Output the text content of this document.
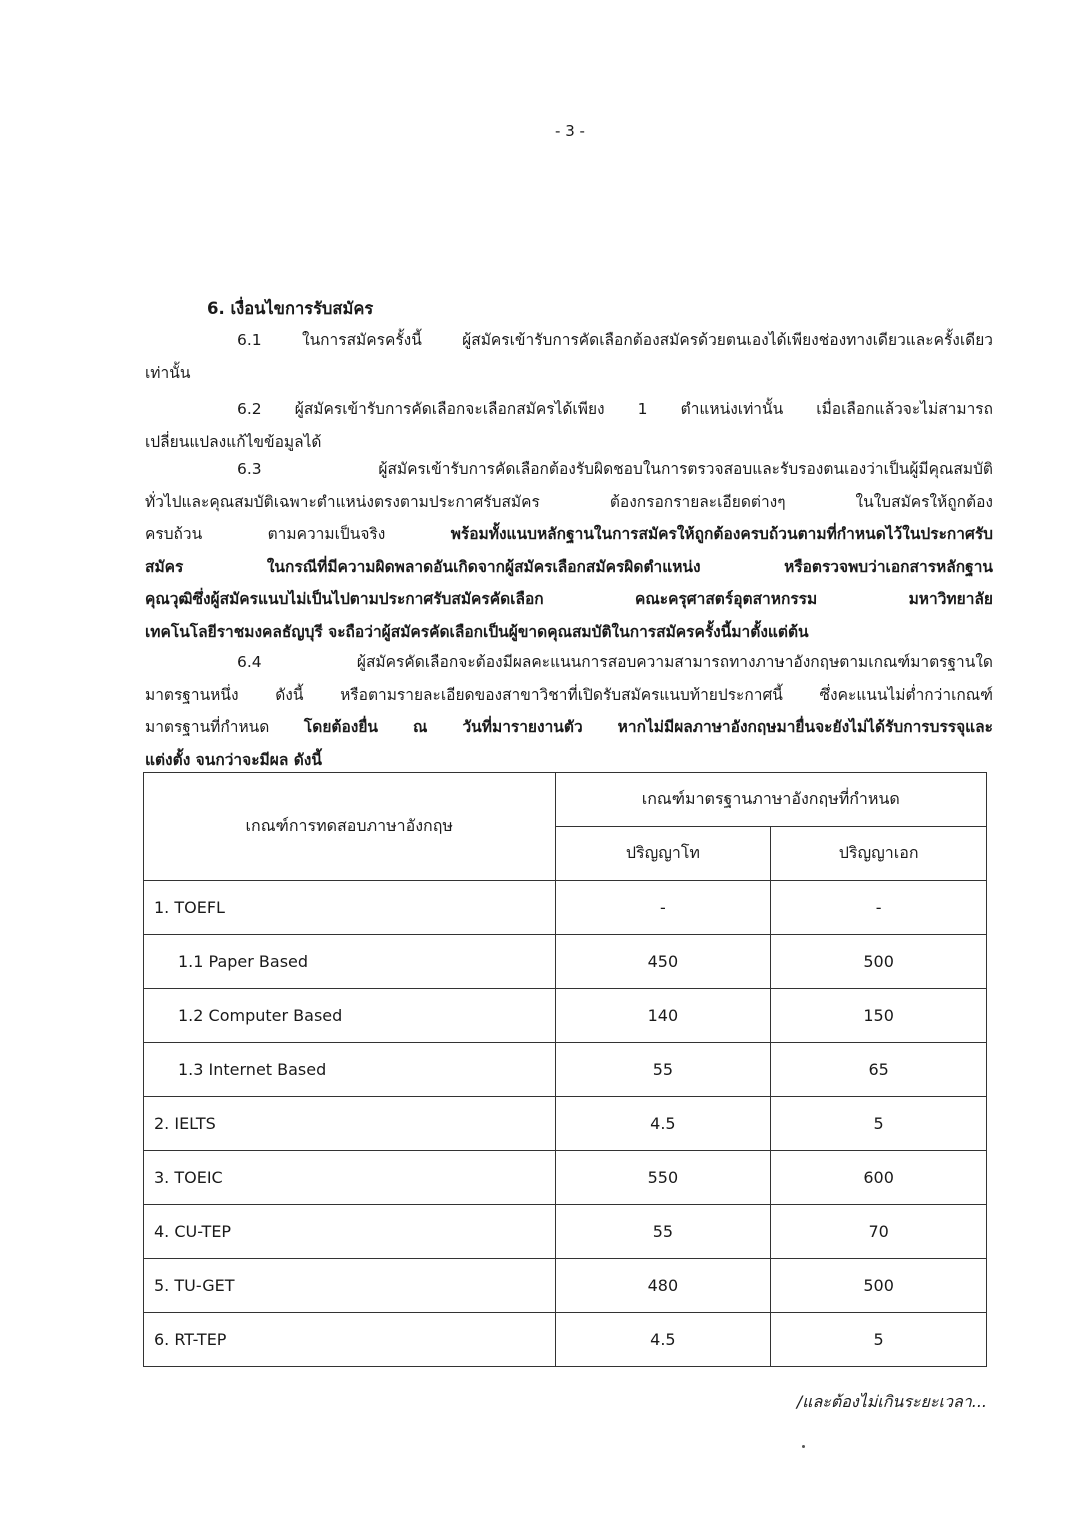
- 3 -
6. เงื่อนไขการรับสมัคร
6.1 ในการสมัครครั้งนี้ ผู้สมัครเข้ารับการคัดเลือกต้องสมัครด้วยตนเองได้เพียงช่องทางเดียวและครั้งเดียว
เท่านั้น
6.2 ผู้สมัครเข้ารับการคัดเลือกจะเลือกสมัครได้เพียง 1 ตำแหน่งเท่านั้น เมื่อเลือกแล้วจะไม่สามารถ
เปลี่ยนแปลงแก้ไขข้อมูลได้
6.3 ผู้สมัครเข้ารับการคัดเลือกต้องรับผิดชอบในการตรวจสอบและรับรองตนเองว่าเป็นผู้มีคุณสมบัติ
ทั่วไปและคุณสมบัติเฉพาะตำแหน่งตรงตามประกาศรับสมัคร ต้องกรอกรายละเอียดต่างๆ ในใบสมัครให้ถูกต้อง
ครบถ้วน ตามความเป็นจริง พร้อมทั้งแนบหลักฐานในการสมัครให้ถูกต้องครบถ้วนตามที่กำหนดไว้ในประกาศรับ
สมัคร ในกรณีที่มีความผิดพลาดอันเกิดจากผู้สมัครเลือกสมัครผิดตำแหน่ง หรือตรวจพบว่าเอกสารหลักฐาน
คุณวุฒิซึ่งผู้สมัครแนบไม่เป็นไปตามประกาศรับสมัครคัดเลือก คณะครุศาสตร์อุตสาหกรรม มหาวิทยาลัย
เทคโนโลยีราชมงคลธัญบุรี จะถือว่าผู้สมัครคัดเลือกเป็นผู้ขาดคุณสมบัติในการสมัครครั้งนี้มาตั้งแต่ต้น
6.4 ผู้สมัครคัดเลือกจะต้องมีผลคะแนนการสอบความสามารถทางภาษาอังกฤษตามเกณฑ์มาตรฐานใด
มาตรฐานหนึ่ง ดังนี้ หรือตามรายละเอียดของสาขาวิชาที่เปิดรับสมัครแนบท้ายประกาศนี้ ซึ่งคะแนนไม่ต่ำกว่าเกณฑ์
มาตรฐานที่กำหนด โดยต้องยื่น ณ วันที่มารายงานตัว หากไม่มีผลภาษาอังกฤษมายื่นจะยังไม่ได้รับการบรรจุและ
แต่งตั้ง จนกว่าจะมีผล ดังนี้
เกณฑ์การทดสอบภาษาอังกฤษ	เกณฑ์มาตรฐานภาษาอังกฤษที่กำหนด	
	ปริญญาโท	ปริญญาเอก
1. TOEFL	-	-
1.1 Paper Based	450	500
1.2 Computer Based	140	150
1.3 Internet Based	55	65
2. IELTS	4.5	5
3. TOEIC	550	600
4. CU-TEP	55	70
5. TU-GET	480	500
6. RT-TEP	4.5	5
/และต้องไม่เกินระยะเวลา...
